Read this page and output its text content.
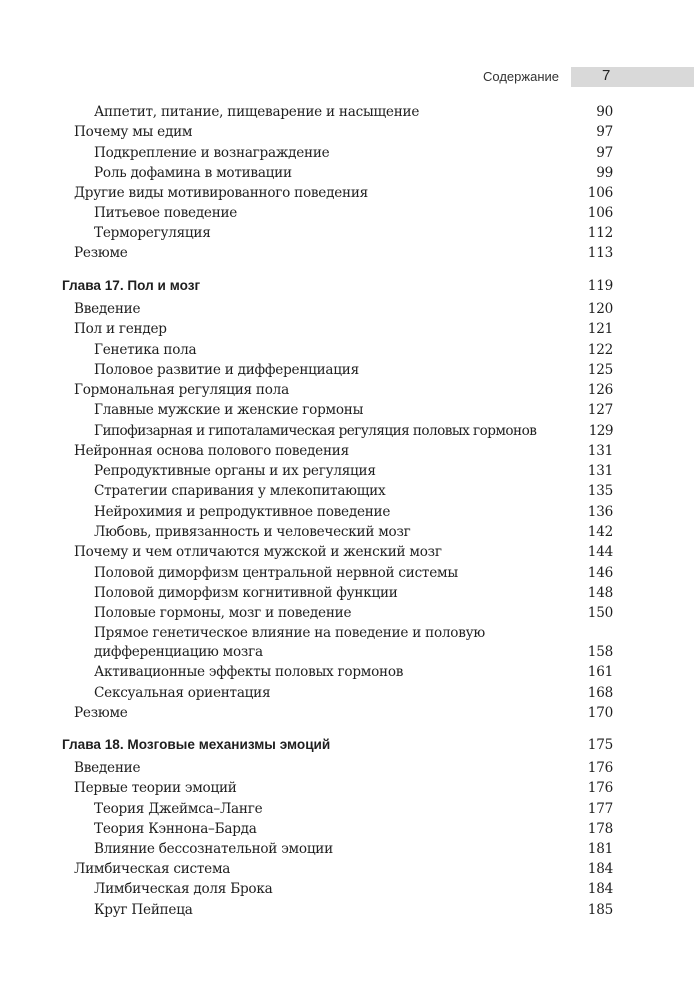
Содержание	7
Аппетит, питание, пищеварение и насыщение	90
Почему мы едим	97
Подкрепление и вознаграждение	97
Роль дофамина в мотивации	99
Другие виды мотивированного поведения	106
Питьевое поведение	106
Терморегуляция	112
Резюме	113
Глава 17. Пол и мозг	119
Введение	120
Пол и гендер	121
Генетика пола	122
Половое развитие и дифференциация	125
Гормональная регуляция пола	126
Главные мужские и женские гормоны	127
Гипофизарная и гипоталамическая регуляция половых гормонов	129
Нейронная основа полового поведения	131
Репродуктивные органы и их регуляция	131
Стратегии спаривания у млекопитающих	135
Нейрохимия и репродуктивное поведение	136
Любовь, привязанность и человеческий мозг	142
Почему и чем отличаются мужской и женский мозг	144
Половой диморфизм центральной нервной системы	146
Половой диморфизм когнитивной функции	148
Половые гормоны, мозг и поведение	150
Прямое генетическое влияние на поведение и половую
дифференциацию мозга	158
Активационные эффекты половых гормонов	161
Сексуальная ориентация	168
Резюме	170
Глава 18. Мозговые механизмы эмоций	175
Введение	176
Первые теории эмоций	176
Теория Джеймса–Ланге	177
Теория Кэннона–Барда	178
Влияние бессознательной эмоции	181
Лимбическая система	184
Лимбическая доля Брока	184
Круг Пейпеца	185
